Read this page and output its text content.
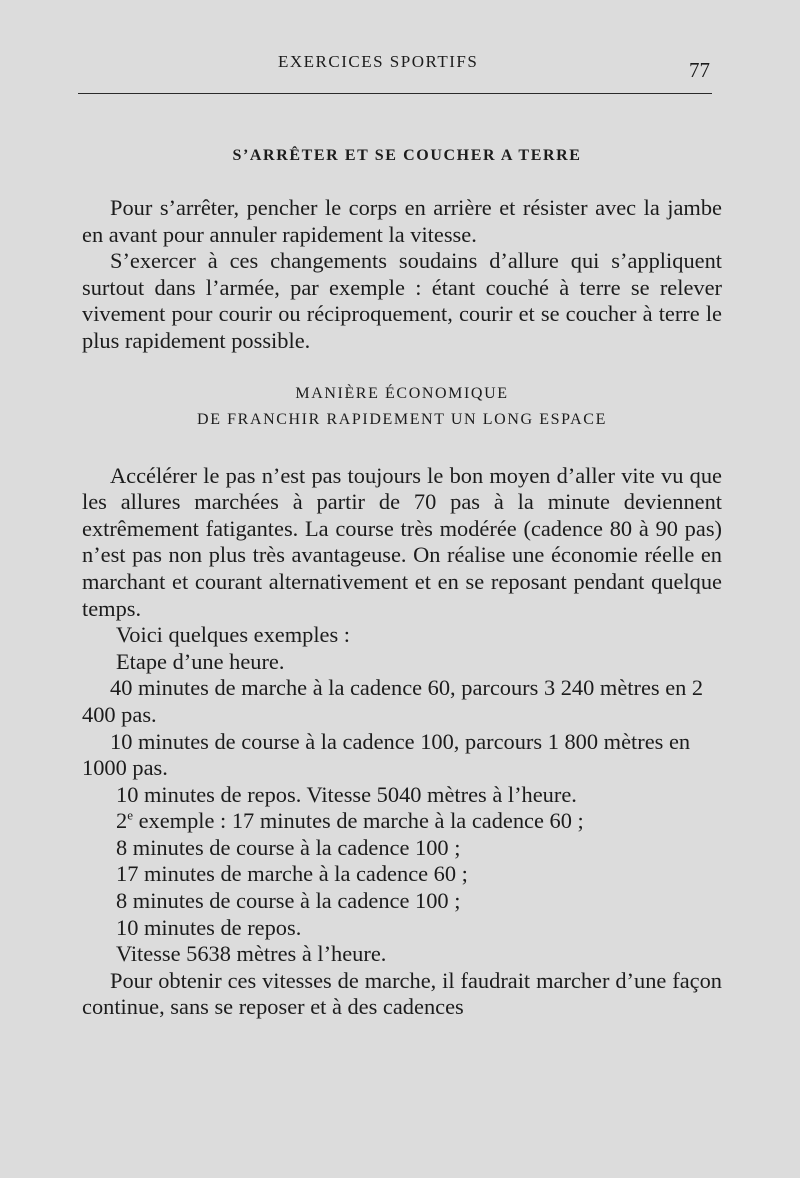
EXERCICES SPORTIFS	77
S’ARRÊTER ET SE COUCHER A TERRE

Pour s’arrêter, pencher le corps en arrière et résister avec la jambe en avant pour annuler rapidement la vitesse.

S’exercer à ces changements soudains d’allure qui s’appliquent surtout dans l’armée, par exemple : étant couché à terre se relever vivement pour courir ou réciproquement, courir et se coucher à terre le plus rapidement possible.

MANIÈRE ÉCONOMIQUE
DE FRANCHIR RAPIDEMENT UN LONG ESPACE

Accélérer le pas n’est pas toujours le bon moyen d’aller vite vu que les allures marchées à partir de 70 pas à la minute deviennent extrêmement fatigantes. La course très modérée (cadence 80 à 90 pas) n’est pas non plus très avantageuse. On réalise une économie réelle en marchant et courant alternativement et en se reposant pendant quelque temps.

Voici quelques exemples :

Etape d’une heure.

40 minutes de marche à la cadence 60, parcours 3 240 mètres en 2 400 pas.

10 minutes de course à la cadence 100, parcours 1 800 mètres en 1000 pas.

10 minutes de repos. Vitesse 5040 mètres à l’heure.

2e exemple : 17 minutes de marche à la cadence 60 ;

8 minutes de course à la cadence 100 ;

17 minutes de marche à la cadence 60 ;

8 minutes de course à la cadence 100 ;

10 minutes de repos.

Vitesse 5638 mètres à l’heure.

Pour obtenir ces vitesses de marche, il faudrait marcher d’une façon continue, sans se reposer et à des cadences
